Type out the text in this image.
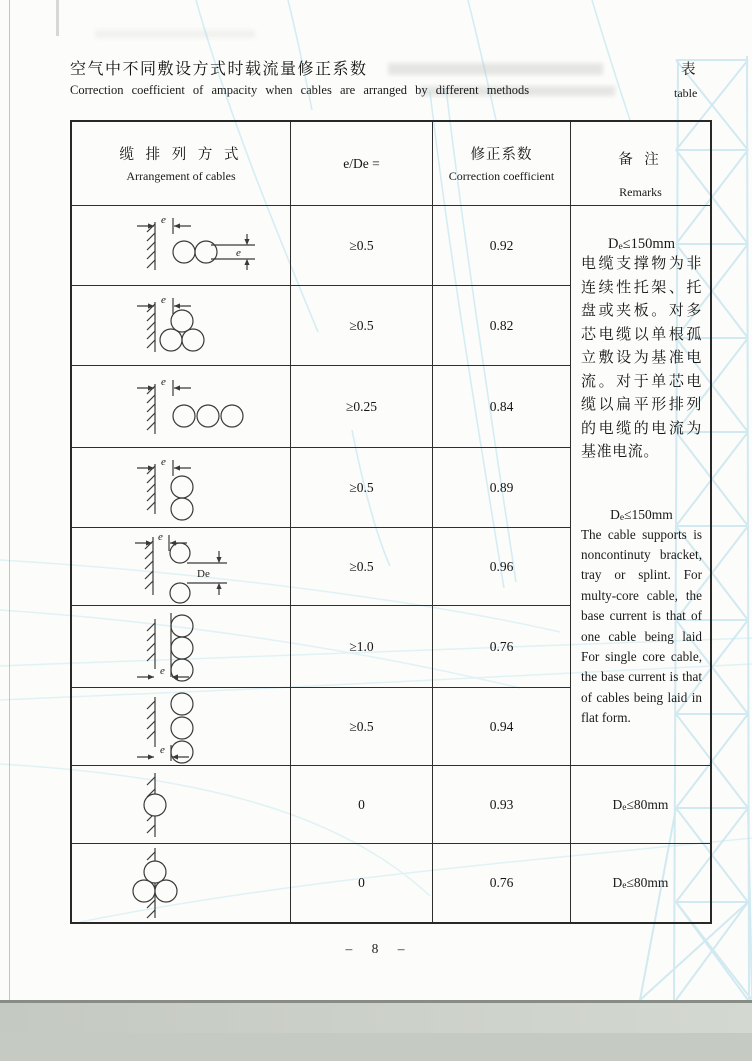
空气中不同敷设方式时载流量修正系数
Correction coefficient of ampacity when cables are arranged by different methods
表
table
缆 排 列 方 式
Arrangement of cables
e/De =	修正系数
Correction coefficient
备 注
Remarks
e
e	≥0.5	0.92
e
≥0.5	0.82
e
≥0.25	0.84
e
≥0.5	0.89
e
De	≥0.5	0.96
e
≥1.0	0.76
e
≥0.5	0.94
De≤150mm
电缆支撑物为非连续性托架、托盘或夹板。对多芯电缆以单根孤立敷设为基准电流。对于单芯电缆以扁平形排列的电缆的电流为基准电流。
De≤150mm
The cable supports is noncontinuty bracket, tray or splint. For multy-core cable, the base current is that of one cable being laid For single core cable, the base current is that of cables being laid in flat form.
0	0.93	De≤80mm
0	0.76	De≤80mm
– 8 –
